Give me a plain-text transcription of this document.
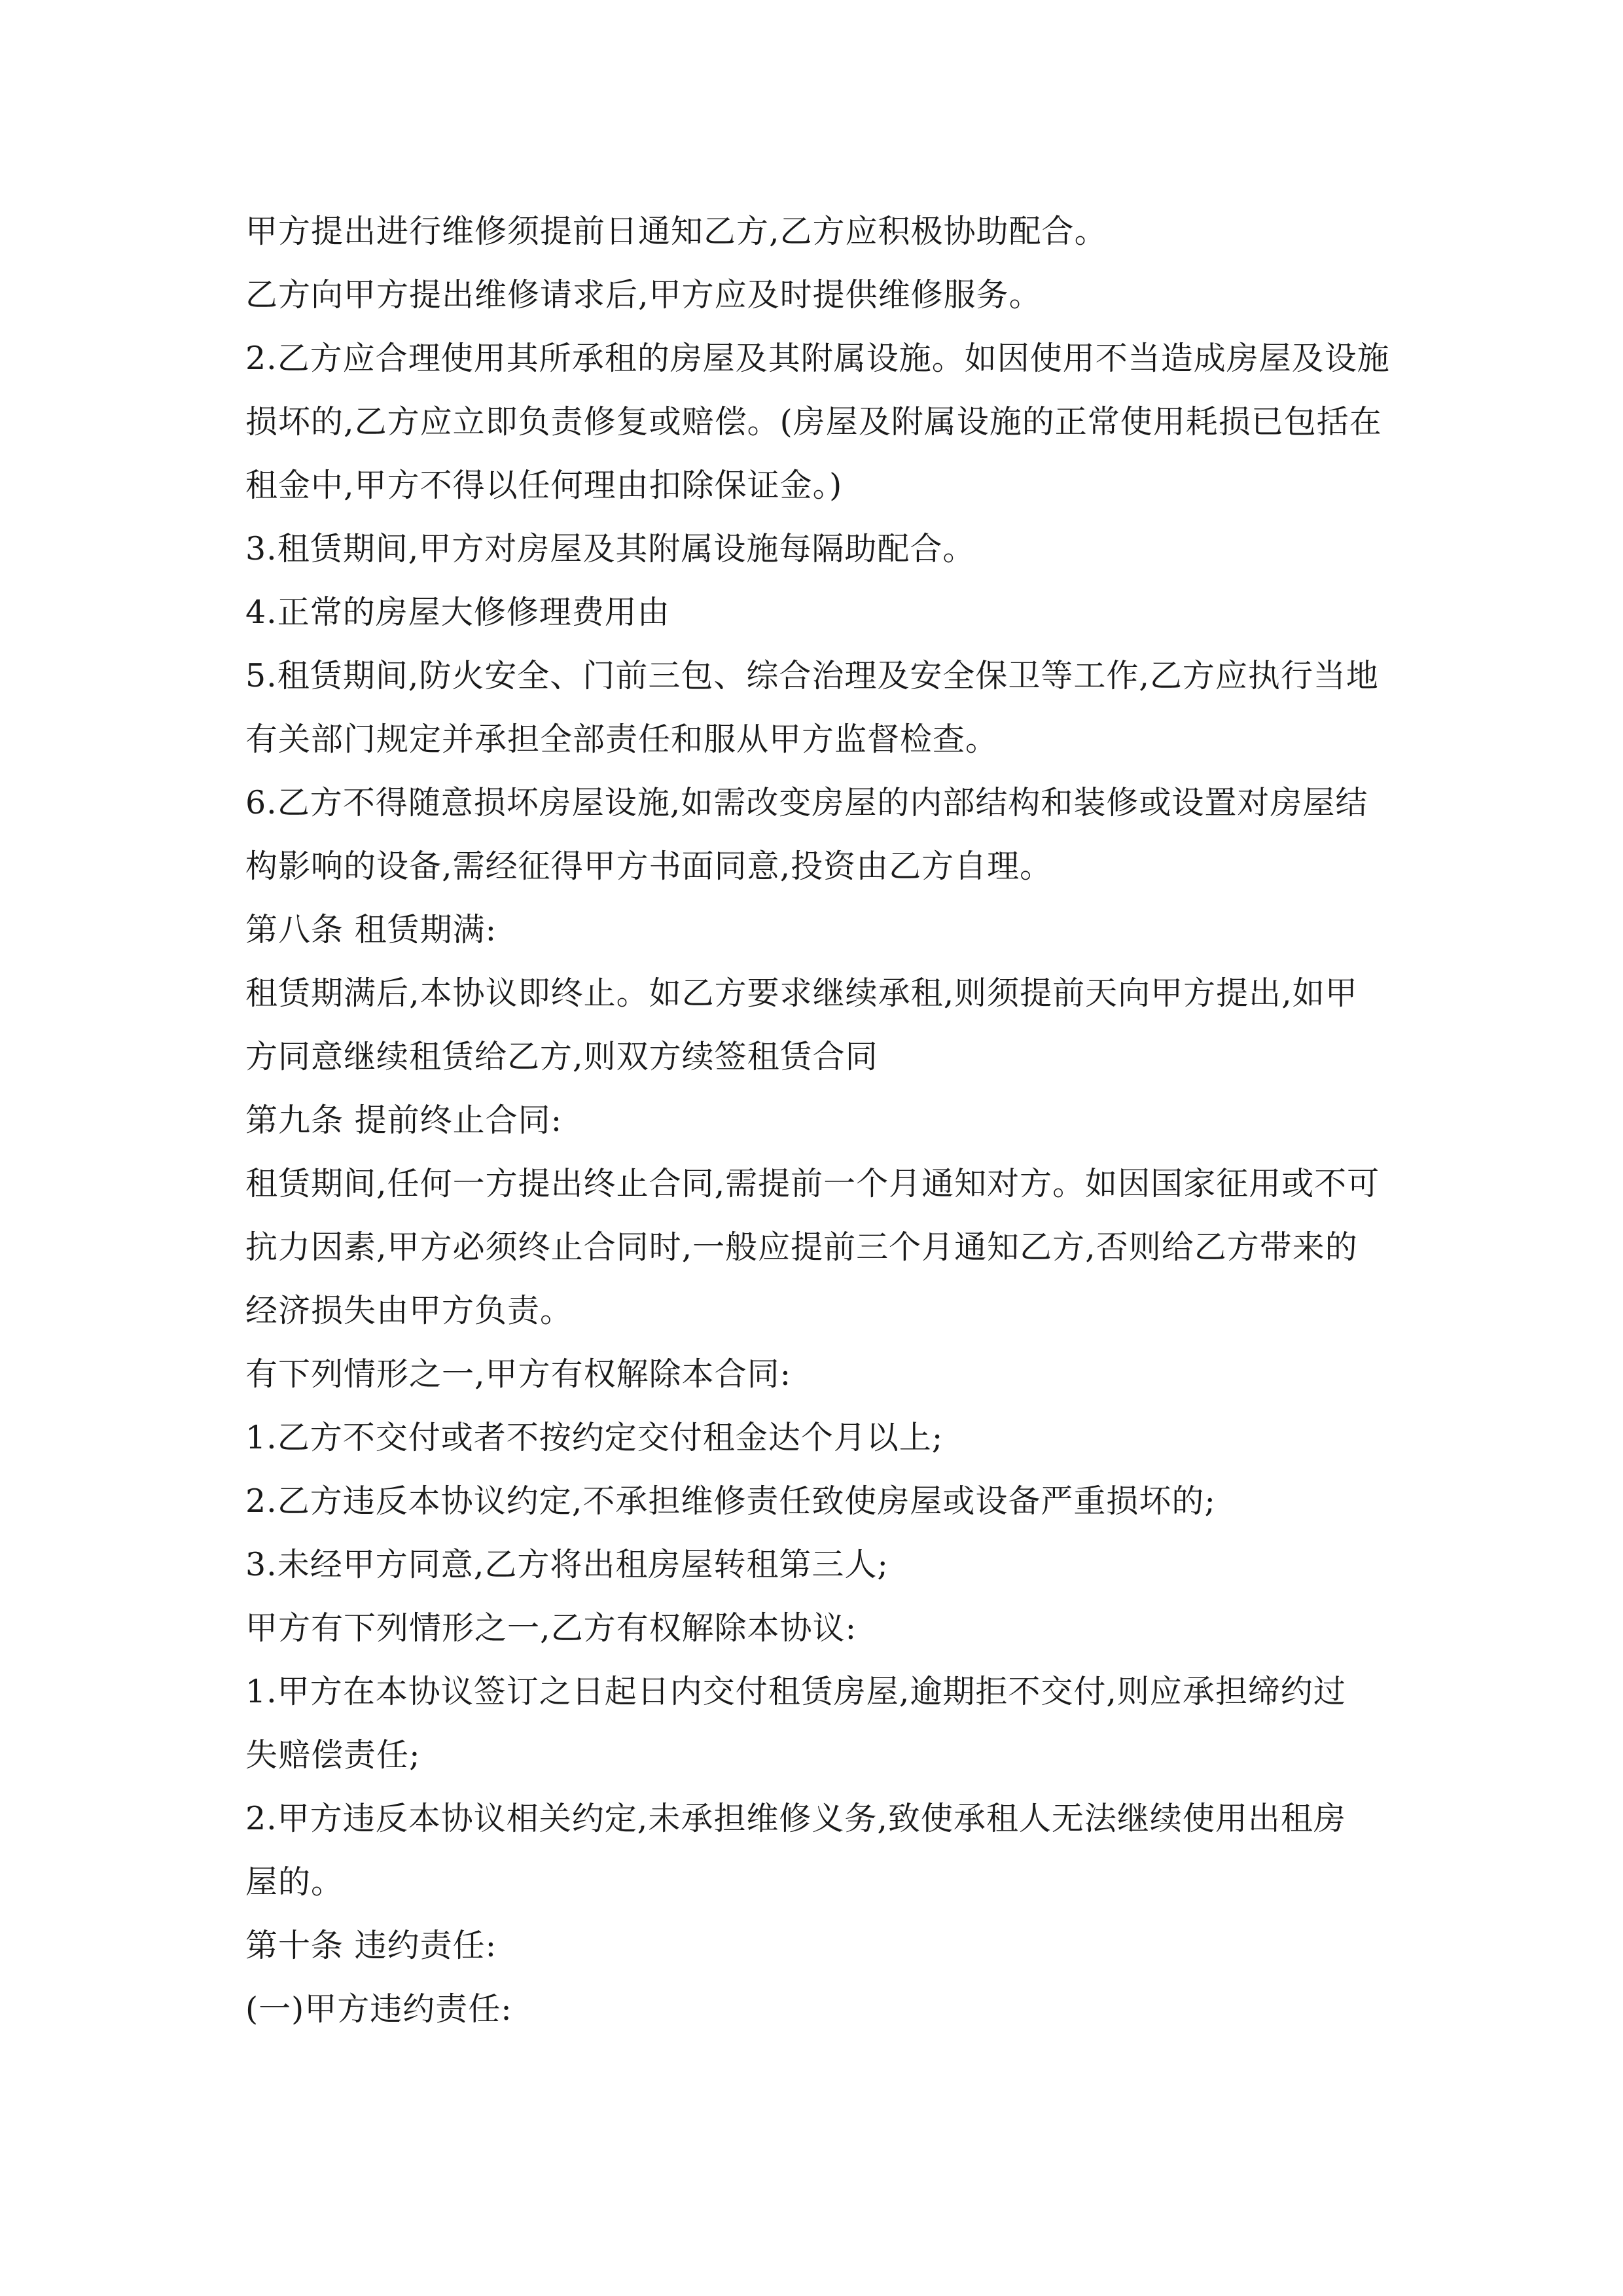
甲方提出进行维修须提前日通知乙方,乙方应积极协助配合。
乙方向甲方提出维修请求后,甲方应及时提供维修服务。
2.乙方应合理使用其所承租的房屋及其附属设施。如因使用不当造成房屋及设施
损坏的,乙方应立即负责修复或赔偿。(房屋及附属设施的正常使用耗损已包括在
租金中,甲方不得以任何理由扣除保证金。)
3.租赁期间,甲方对房屋及其附属设施每隔助配合。
4.正常的房屋大修修理费用由
5.租赁期间,防火安全、门前三包、综合治理及安全保卫等工作,乙方应执行当地
有关部门规定并承担全部责任和服从甲方监督检查。
6.乙方不得随意损坏房屋设施,如需改变房屋的内部结构和装修或设置对房屋结
构影响的设备,需经征得甲方书面同意,投资由乙方自理。
第八条 租赁期满:
租赁期满后,本协议即终止。如乙方要求继续承租,则须提前天向甲方提出,如甲
方同意继续租赁给乙方,则双方续签租赁合同
第九条 提前终止合同:
租赁期间,任何一方提出终止合同,需提前一个月通知对方。如因国家征用或不可
抗力因素,甲方必须终止合同时,一般应提前三个月通知乙方,否则给乙方带来的
经济损失由甲方负责。
有下列情形之一,甲方有权解除本合同:
1.乙方不交付或者不按约定交付租金达个月以上;
2.乙方违反本协议约定,不承担维修责任致使房屋或设备严重损坏的;
3.未经甲方同意,乙方将出租房屋转租第三人;
甲方有下列情形之一,乙方有权解除本协议:
1.甲方在本协议签订之日起日内交付租赁房屋,逾期拒不交付,则应承担缔约过
失赔偿责任;
2.甲方违反本协议相关约定,未承担维修义务,致使承租人无法继续使用出租房
屋的。
第十条 违约责任:
(一)甲方违约责任:
